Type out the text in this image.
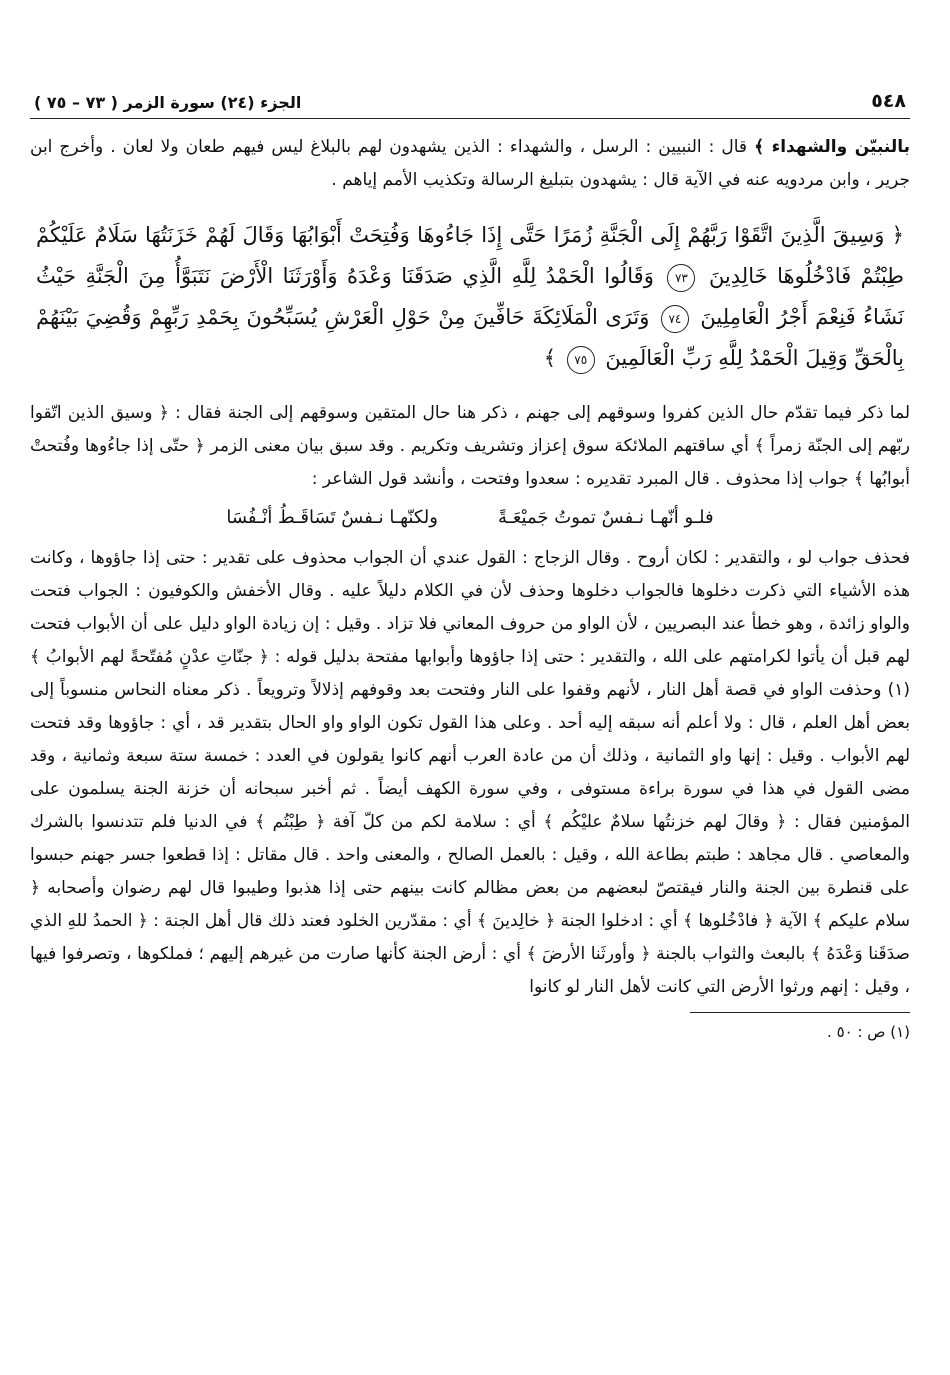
٥٤٨
الجزء (٢٤) سورة الزمر ( ٧٣ – ٧٥ )

بالنبيّن والشهداء ﴾ قال : النبيين : الرسل ، والشهداء : الذين يشهدون لهم بالبلاغ ليس فيهم طعان ولا لعان . وأخرج ابن جرير ، وابن مردويه عنه في الآية قال : يشهدون بتبليغ الرسالة وتكذيب الأمم إياهم .

﴿ وَسِيقَ الَّذِينَ اتَّقَوْا رَبَّهُمْ إِلَى الْجَنَّةِ زُمَرًا حَتَّى إِذَا جَاءُوهَا وَفُتِحَتْ أَبْوَابُهَا وَقَالَ لَهُمْ خَزَنَتُهَا سَلَامٌ عَلَيْكُمْ طِبْتُمْ فَادْخُلُوهَا خَالِدِينَ ٧٣ وَقَالُوا الْحَمْدُ لِلَّهِ الَّذِي صَدَقَنَا وَعْدَهُ وَأَوْرَثَنَا الْأَرْضَ نَتَبَوَّأُ مِنَ الْجَنَّةِ حَيْثُ نَشَاءُ فَنِعْمَ أَجْرُ الْعَامِلِينَ ٧٤ وَتَرَى الْمَلَائِكَةَ حَافِّينَ مِنْ حَوْلِ الْعَرْشِ يُسَبِّحُونَ بِحَمْدِ رَبِّهِمْ وَقُضِيَ بَيْنَهُمْ بِالْحَقِّ وَقِيلَ الْحَمْدُ لِلَّهِ رَبِّ الْعَالَمِينَ ٧٥ ﴾

لما ذكر فيما تقدّم حال الذين كفروا وسوقهم إلى جهنم ، ذكر هنا حال المتقين وسوقهم إلى الجنة فقال : ﴿ وسيق الذين اتّقوا ربّهم إلى الجنّة زمراً ﴾ أي ساقتهم الملائكة سوق إعزاز وتشريف وتكريم . وقد سبق بيان معنى الزمر ﴿ حتّى إذا جاءُوها وفُتحتْ أبوابُها ﴾ جواب إذا محذوف . قال المبرد تقديره : سعدوا وفتحت ، وأنشد قول الشاعر :

فلـو أنّهـا نـفسٌ تموتُ جَميْعَـةً
ولكنّهـا نـفسٌ تَسَاقَـطُ أنْـفُسَا

فحذف جواب لو ، والتقدير : لكان أروح . وقال الزجاج : القول عندي أن الجواب محذوف على تقدير : حتى إذا جاؤوها ، وكانت هذه الأشياء التي ذكرت دخلوها فالجواب دخلوها وحذف لأن في الكلام دليلاً عليه . وقال الأخفش والكوفيون : الجواب فتحت والواو زائدة ، وهو خطأ عند البصريين ، لأن الواو من حروف المعاني فلا تزاد . وقيل : إن زيادة الواو دليل على أن الأبواب فتحت لهم قبل أن يأتوا لكرامتهم على الله ، والتقدير : حتى إذا جاؤوها وأبوابها مفتحة بدليل قوله : ﴿ جنّاتِ عدْنٍ مُفتّحةً لهم الأبوابُ ﴾(١) وحذفت الواو في قصة أهل النار ، لأنهم وقفوا على النار وفتحت بعد وقوفهم إذلالاً وترويعاً . ذكر معناه النحاس منسوباً إلى بعض أهل العلم ، قال : ولا أعلم أنه سبقه إليه أحد . وعلى هذا القول تكون الواو واو الحال بتقدير قد ، أي : جاؤوها وقد فتحت لهم الأبواب . وقيل : إنها واو الثمانية ، وذلك أن من عادة العرب أنهم كانوا يقولون في العدد : خمسة ستة سبعة وثمانية ، وقد مضى القول في هذا في سورة براءة مستوفى ، وفي سورة الكهف أيضاً . ثم أخبر سبحانه أن خزنة الجنة يسلمون على المؤمنين فقال : ﴿ وقالَ لهم خزنتُها سلامٌ عليْكُم ﴾ أي : سلامة لكم من كلّ آفة ﴿ طِبْتُم ﴾ في الدنيا فلم تتدنسوا بالشرك والمعاصي . قال مجاهد : طبتم بطاعة الله ، وقيل : بالعمل الصالح ، والمعنى واحد . قال مقاتل : إذا قطعوا جسر جهنم حبسوا على قنطرة بين الجنة والنار فيقتصّ لبعضهم من بعض مظالم كانت بينهم حتى إذا هذبوا وطيبوا قال لهم رضوان وأصحابه ﴿ سلام عليكم ﴾ الآية ﴿ فادْخُلوها ﴾ أي : ادخلوا الجنة ﴿ خالِدينَ ﴾ أي : مقدّرين الخلود فعند ذلك قال أهل الجنة : ﴿ الحمدُ للهِ الذي صدَقَنا وَعْدَهُ ﴾ بالبعث والثواب بالجنة ﴿ وأورثَنا الأرضَ ﴾ أي : أرض الجنة كأنها صارت من غيرهم إليهم ؛ فملكوها ، وتصرفوا فيها ، وقيل : إنهم ورثوا الأرض التي كانت لأهل النار لو كانوا

(١) ص : ٥٠ .
